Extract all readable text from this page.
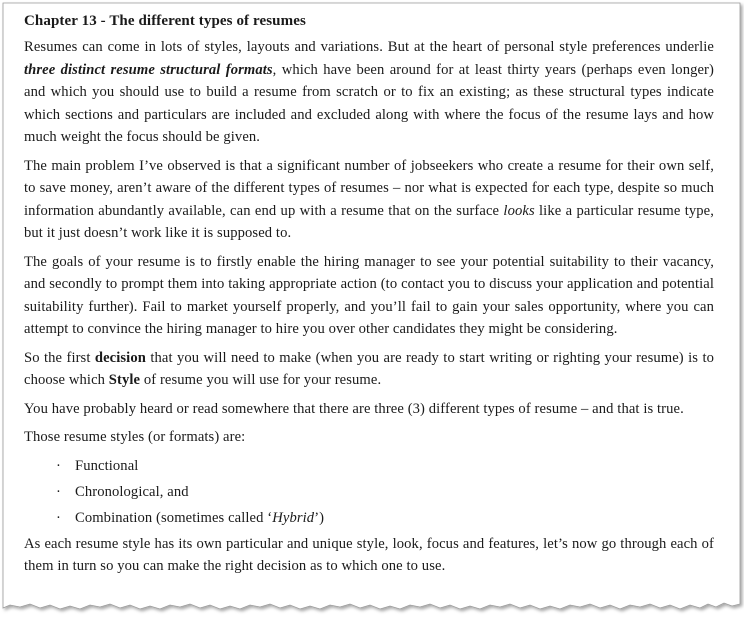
Chapter 13 - The different types of resumes

Resumes can come in lots of styles, layouts and variations. But at the heart of personal style preferences underlie three distinct resume structural formats, which have been around for at least thirty years (perhaps even longer) and which you should use to build a resume from scratch or to fix an existing; as these structural types indicate which sections and particulars are included and excluded along with where the focus of the resume lays and how much weight the focus should be given.

The main problem I’ve observed is that a significant number of jobseekers who create a resume for their own self, to save money, aren’t aware of the different types of resumes – nor what is expected for each type, despite so much information abundantly available, can end up with a resume that on the surface looks like a particular resume type, but it just doesn’t work like it is supposed to.

The goals of your resume is to firstly enable the hiring manager to see your potential suitability to their vacancy, and secondly to prompt them into taking appropriate action (to contact you to discuss your application and potential suitability further). Fail to market yourself properly, and you’ll fail to gain your sales opportunity, where you can attempt to convince the hiring manager to hire you over other candidates they might be considering.

So the first decision that you will need to make (when you are ready to start writing or righting your resume) is to choose which Style of resume you will use for your resume.

You have probably heard or read somewhere that there are three (3) different types of resume – and that is true.

Those resume styles (or formats) are:

· Functional
· Chronological, and
· Combination (sometimes called ‘Hybrid’)

As each resume style has its own particular and unique style, look, focus and features, let’s now go through each of them in turn so you can make the right decision as to which one to use.
